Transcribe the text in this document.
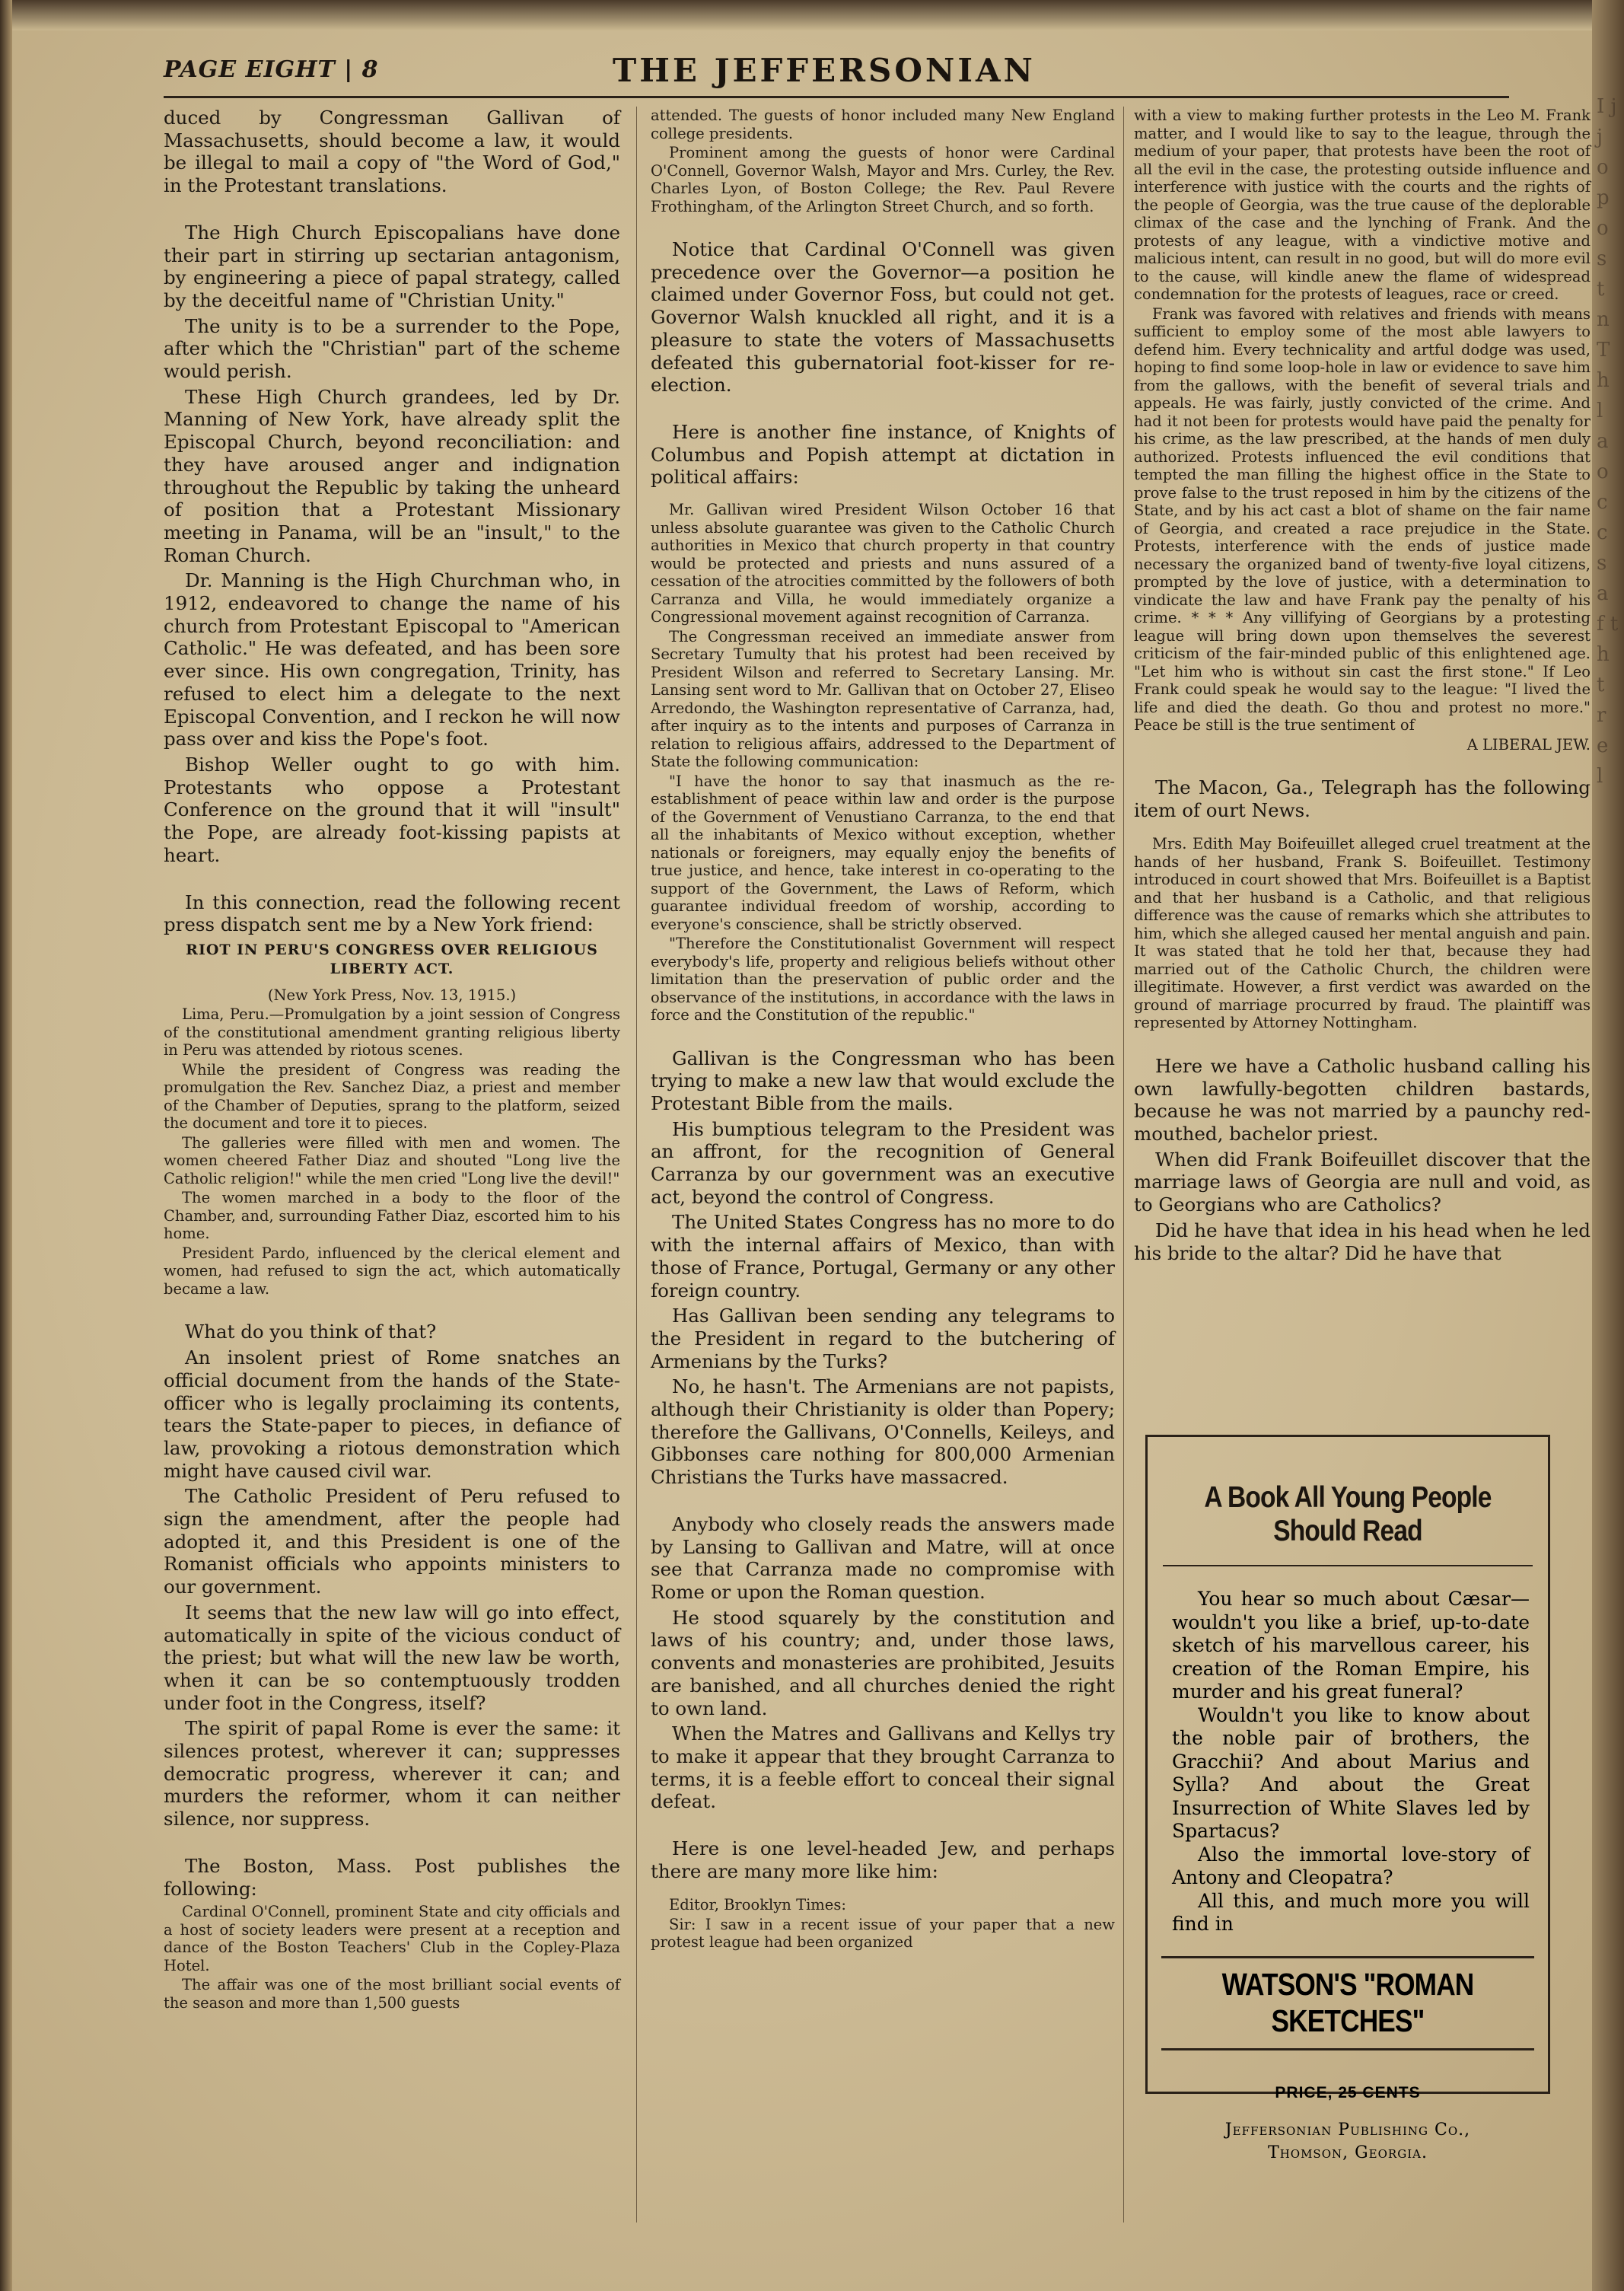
I j j o p o s t n T h l a o c c s a f t h t r e l
PAGE EIGHT | 8	THE JEFFERSONIAN

duced by Congressman Gallivan of Massachusetts, should become a law, it would be illegal to mail a copy of "the Word of God," in the Protestant translations.

The High Church Episcopalians have done their part in stirring up sectarian antagonism, by engineering a piece of papal strategy, called by the deceitful name of "Christian Unity."

The unity is to be a surrender to the Pope, after which the "Christian" part of the scheme would perish.

These High Church grandees, led by Dr. Manning of New York, have already split the Episcopal Church, beyond reconciliation: and they have aroused anger and indignation throughout the Republic by taking the unheard of position that a Protestant Missionary meeting in Panama, will be an "insult," to the Roman Church.

Dr. Manning is the High Churchman who, in 1912, endeavored to change the name of his church from Protestant Episcopal to "American Catholic." He was defeated, and has been sore ever since. His own congregation, Trinity, has refused to elect him a delegate to the next Episcopal Convention, and I reckon he will now pass over and kiss the Pope's foot.

Bishop Weller ought to go with him. Protestants who oppose a Protestant Conference on the ground that it will "insult" the Pope, are already foot-kissing papists at heart.

In this connection, read the following recent press dispatch sent me by a New York friend:

RIOT IN PERU'S CONGRESS OVER RELIGIOUS LIBERTY ACT.

(New York Press, Nov. 13, 1915.)

Lima, Peru.—Promulgation by a joint session of Congress of the constitutional amendment granting religious liberty in Peru was attended by riotous scenes.

While the president of Congress was reading the promulgation the Rev. Sanchez Diaz, a priest and member of the Chamber of Deputies, sprang to the platform, seized the document and tore it to pieces.

The galleries were filled with men and women. The women cheered Father Diaz and shouted "Long live the Catholic religion!" while the men cried "Long live the devil!"

The women marched in a body to the floor of the Chamber, and, surrounding Father Diaz, escorted him to his home.

President Pardo, influenced by the clerical element and women, had refused to sign the act, which automatically became a law.

What do you think of that?

An insolent priest of Rome snatches an official document from the hands of the State-officer who is legally proclaiming its contents, tears the State-paper to pieces, in defiance of law, provoking a riotous demonstration which might have caused civil war.

The Catholic President of Peru refused to sign the amendment, after the people had adopted it, and this President is one of the Romanist officials who appoints ministers to our government.

It seems that the new law will go into effect, automatically in spite of the vicious conduct of the priest; but what will the new law be worth, when it can be so contemptuously trodden under foot in the Congress, itself?

The spirit of papal Rome is ever the same: it silences protest, wherever it can; suppresses democratic progress, wherever it can; and murders the reformer, whom it can neither silence, nor suppress.

The Boston, Mass. Post publishes the following:

Cardinal O'Connell, prominent State and city officials and a host of society leaders were present at a reception and dance of the Boston Teachers' Club in the Copley-Plaza Hotel.

The affair was one of the most brilliant social events of the season and more than 1,500 guests

attended. The guests of honor included many New England college presidents.

Prominent among the guests of honor were Cardinal O'Connell, Governor Walsh, Mayor and Mrs. Curley, the Rev. Charles Lyon, of Boston College; the Rev. Paul Revere Frothingham, of the Arlington Street Church, and so forth.

Notice that Cardinal O'Connell was given precedence over the Governor—a position he claimed under Governor Foss, but could not get. Governor Walsh knuckled all right, and it is a pleasure to state the voters of Massachusetts defeated this gubernatorial foot-kisser for re-election.

Here is another fine instance, of Knights of Columbus and Popish attempt at dictation in political affairs:

Mr. Gallivan wired President Wilson October 16 that unless absolute guarantee was given to the Catholic Church authorities in Mexico that church property in that country would be protected and priests and nuns assured of a cessation of the atrocities committed by the followers of both Carranza and Villa, he would immediately organize a Congressional movement against recognition of Carranza.

The Congressman received an immediate answer from Secretary Tumulty that his protest had been received by President Wilson and referred to Secretary Lansing. Mr. Lansing sent word to Mr. Gallivan that on October 27, Eliseo Arredondo, the Washington representative of Carranza, had, after inquiry as to the intents and purposes of Carranza in relation to religious affairs, addressed to the Department of State the following communication:

"I have the honor to say that inasmuch as the re-establishment of peace within law and order is the purpose of the Government of Venustiano Carranza, to the end that all the inhabitants of Mexico without exception, whether nationals or foreigners, may equally enjoy the benefits of true justice, and hence, take interest in co-operating to the support of the Government, the Laws of Reform, which guarantee individual freedom of worship, according to everyone's conscience, shall be strictly observed.

"Therefore the Constitutionalist Government will respect everybody's life, property and religious beliefs without other limitation than the preservation of public order and the observance of the institutions, in accordance with the laws in force and the Constitution of the republic."

Gallivan is the Congressman who has been trying to make a new law that would exclude the Protestant Bible from the mails.

His bumptious telegram to the President was an affront, for the recognition of General Carranza by our government was an executive act, beyond the control of Congress.

The United States Congress has no more to do with the internal affairs of Mexico, than with those of France, Portugal, Germany or any other foreign country.

Has Gallivan been sending any telegrams to the President in regard to the butchering of Armenians by the Turks?

No, he hasn't. The Armenians are not papists, although their Christianity is older than Popery; therefore the Gallivans, O'Connells, Keileys, and Gibbonses care nothing for 800,000 Armenian Christians the Turks have massacred.

Anybody who closely reads the answers made by Lansing to Gallivan and Matre, will at once see that Carranza made no compromise with Rome or upon the Roman question.

He stood squarely by the constitution and laws of his country; and, under those laws, convents and monasteries are prohibited, Jesuits are banished, and all churches denied the right to own land.

When the Matres and Gallivans and Kellys try to make it appear that they brought Carranza to terms, it is a feeble effort to conceal their signal defeat.

Here is one level-headed Jew, and perhaps there are many more like him:

Editor, Brooklyn Times:

Sir: I saw in a recent issue of your paper that a new protest league had been organized

with a view to making further protests in the Leo M. Frank matter, and I would like to say to the league, through the medium of your paper, that protests have been the root of all the evil in the case, the protesting outside influence and interference with justice with the courts and the rights of the people of Georgia, was the true cause of the deplorable climax of the case and the lynching of Frank. And the protests of any league, with a vindictive motive and malicious intent, can result in no good, but will do more evil to the cause, will kindle anew the flame of widespread condemnation for the protests of leagues, race or creed.

Frank was favored with relatives and friends with means sufficient to employ some of the most able lawyers to defend him. Every technicality and artful dodge was used, hoping to find some loop-hole in law or evidence to save him from the gallows, with the benefit of several trials and appeals. He was fairly, justly convicted of the crime. And had it not been for protests would have paid the penalty for his crime, as the law prescribed, at the hands of men duly authorized. Protests influenced the evil conditions that tempted the man filling the highest office in the State to prove false to the trust reposed in him by the citizens of the State, and by his act cast a blot of shame on the fair name of Georgia, and created a race prejudice in the State. Protests, interference with the ends of justice made necessary the organized band of twenty-five loyal citizens, prompted by the love of justice, with a determination to vindicate the law and have Frank pay the penalty of his crime. * * * Any villifying of Georgians by a protesting league will bring down upon themselves the severest criticism of the fair-minded public of this enlightened age. "Let him who is without sin cast the first stone." If Leo Frank could speak he would say to the league: "I lived the life and died the death. Go thou and protest no more." Peace be still is the true sentiment of

A LIBERAL JEW.

The Macon, Ga., Telegraph has the following item of ourt News.

Mrs. Edith May Boifeuillet alleged cruel treatment at the hands of her husband, Frank S. Boifeuillet. Testimony introduced in court showed that Mrs. Boifeuillet is a Baptist and that her husband is a Catholic, and that religious difference was the cause of remarks which she attributes to him, which she alleged caused her mental anguish and pain. It was stated that he told her that, because they had married out of the Catholic Church, the children were illegitimate. However, a first verdict was awarded on the ground of marriage procurred by fraud. The plaintiff was represented by Attorney Nottingham.

Here we have a Catholic husband calling his own lawfully-begotten children bastards, because he was not married by a paunchy red-mouthed, bachelor priest.

When did Frank Boifeuillet discover that the marriage laws of Georgia are null and void, as to Georgians who are Catholics?

Did he have that idea in his head when he led his bride to the altar? Did he have that

A Book All Young People Should Read

You hear so much about Cæsar—wouldn't you like a brief, up-to-date sketch of his marvellous career, his creation of the Roman Empire, his murder and his great funeral?

Wouldn't you like to know about the noble pair of brothers, the Gracchii? And about Marius and Sylla? And about the Great Insurrection of White Slaves led by Spartacus?

Also the immortal love-story of Antony and Cleopatra?

All this, and much more you will find in

WATSON'S "ROMAN SKETCHES"
PRICE, 25 CENTS
Jeffersonian Publishing Co.,
Thomson, Georgia.
